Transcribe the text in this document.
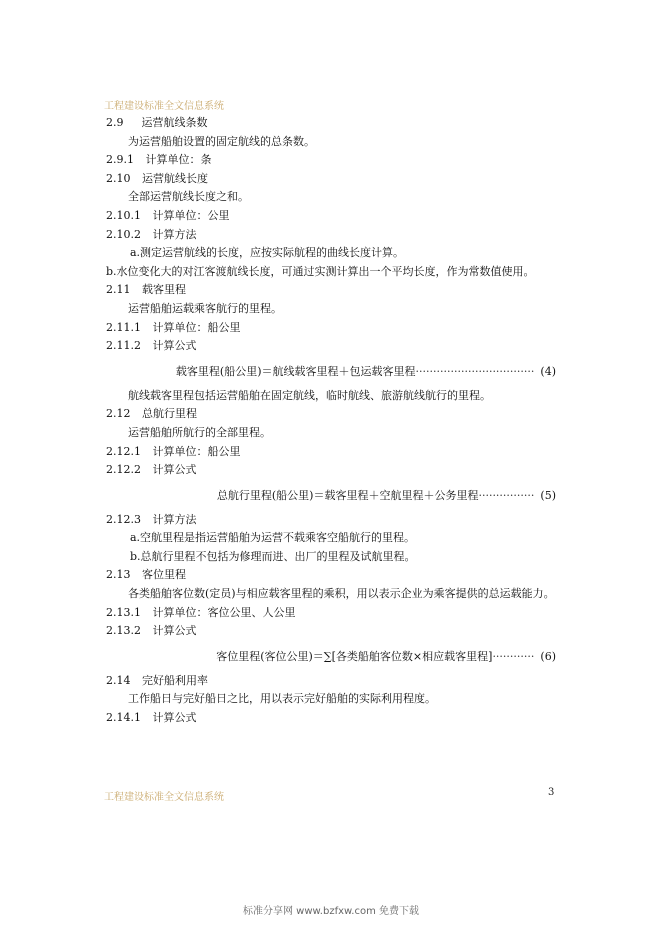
工程建设标准全文信息系统
2.9 运营航线条数
为运营船舶设置的固定航线的总条数。
2.9.1 计算单位：条
2.10 运营航线长度
全部运营航线长度之和。
2.10.1 计算单位：公里
2.10.2 计算方法
a.测定运营航线的长度，应按实际航程的曲线长度计算。
b.水位变化大的对江客渡航线长度，可通过实测计算出一个平均长度，作为常数值使用。
2.11 载客里程
运营船舶运载乘客航行的里程。
2.11.1 计算单位：船公里
2.11.2 计算公式
载客里程(船公里)＝航线载客里程＋包运载客里程 ·································· (4)
航线载客里程包括运营船舶在固定航线，临时航线、旅游航线航行的里程。
2.12 总航行里程
运营船舶所航行的全部里程。
2.12.1 计算单位：船公里
2.12.2 计算公式
总航行里程(船公里)＝载客里程＋空航里程＋公务里程 ················ (5)
2.12.3 计算方法
a.空航里程是指运营船舶为运营不载乘客空船航行的里程。
b.总航行里程不包括为修理而进、出厂的里程及试航里程。
2.13 客位里程
各类船舶客位数(定员)与相应载客里程的乘积，用以表示企业为乘客提供的总运载能力。
2.13.1 计算单位：客位公里、人公里
2.13.2 计算公式
客位里程(客位公里)＝∑[各类船舶客位数×相应载客里程] ············ (6)
2.14 完好船利用率
工作船日与完好船日之比，用以表示完好船舶的实际利用程度。
2.14.1 计算公式
工程建设标准全文信息系统	3
标准分享网 www.bzfxw.com 免费下载
